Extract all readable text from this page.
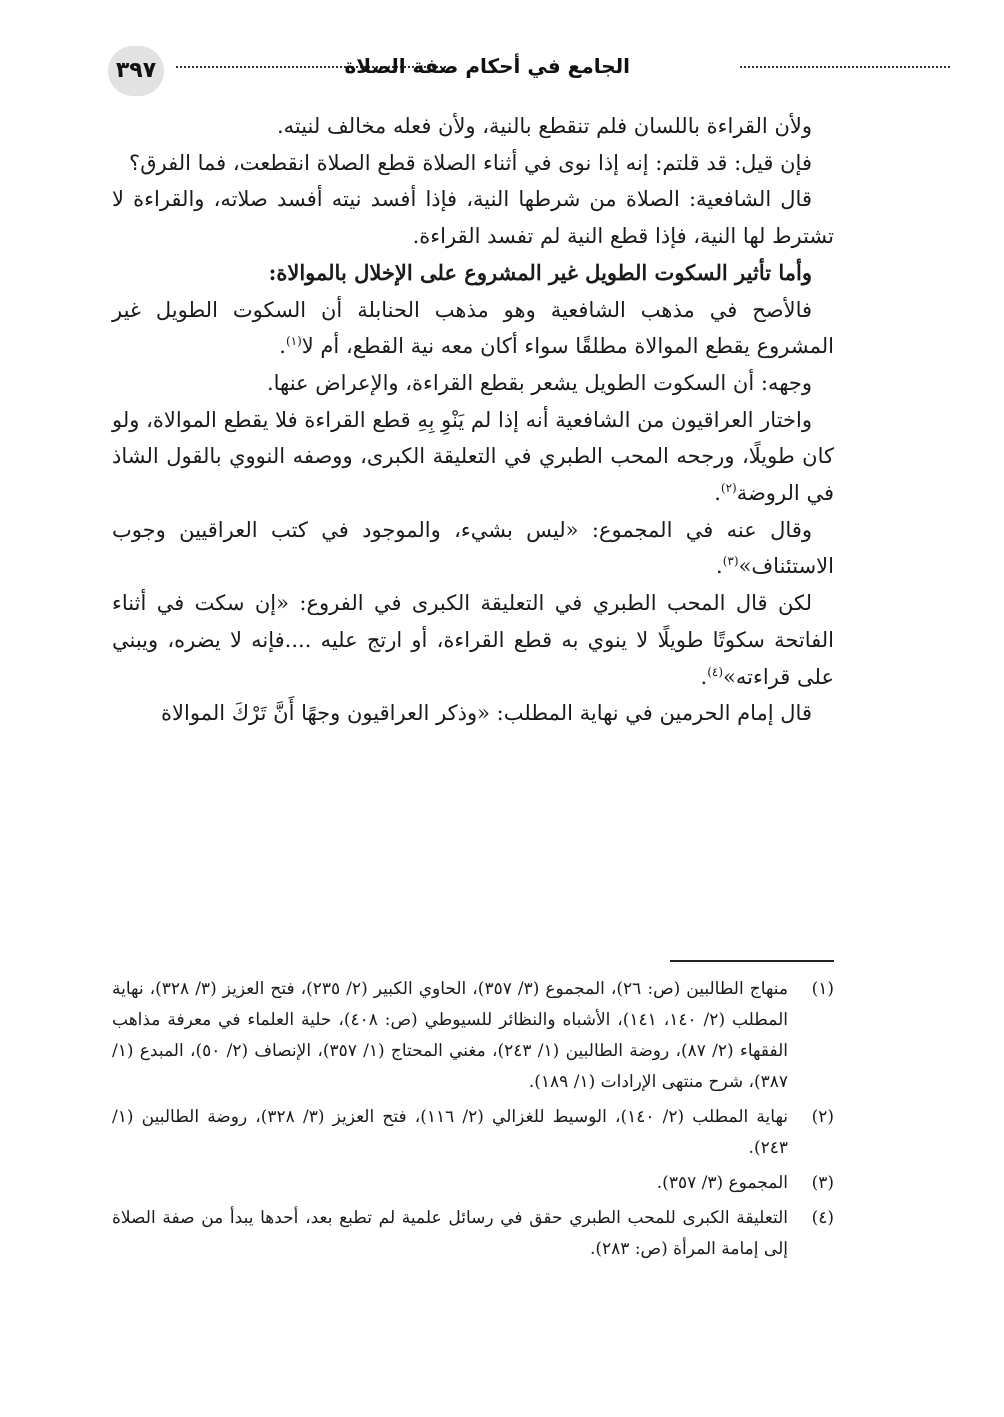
٣٩٧	الجامع في أحكام صفة الصلاة

ولأن القراءة باللسان فلم تنقطع بالنية، ولأن فعله مخالف لنيته.

فإن قيل: قد قلتم: إنه إذا نوى في أثناء الصلاة قطع الصلاة انقطعت، فما الفرق؟

قال الشافعية: الصلاة من شرطها النية، فإذا أفسد نيته أفسد صلاته، والقراءة لا تشترط لها النية، فإذا قطع النية لم تفسد القراءة.

وأما تأثير السكوت الطويل غير المشروع على الإخلال بالموالاة:

فالأصح في مذهب الشافعية وهو مذهب الحنابلة أن السكوت الطويل غير المشروع يقطع الموالاة مطلقًا سواء أكان معه نية القطع، أم لا$^{(١)}$.

وجهه: أن السكوت الطويل يشعر بقطع القراءة، والإعراض عنها.

واختار العراقيون من الشافعية أنه إذا لم يَنْوِ بِهِ قطع القراءة فلا يقطع الموالاة، ولو كان طويلًا، ورجحه المحب الطبري في التعليقة الكبرى، ووصفه النووي بالقول الشاذ في الروضة$^{(٢)}$.

وقال عنه في المجموع: «ليس بشيء، والموجود في كتب العراقيين وجوب الاستئناف»$^{(٣)}$.

لكن قال المحب الطبري في التعليقة الكبرى في الفروع: «إن سكت في أثناء الفاتحة سكوتًا طويلًا لا ينوي به قطع القراءة، أو ارتج عليه ....فإنه لا يضره، ويبني على قراءته»$^{(٤)}$.

قال إمام الحرمين في نهاية المطلب: «وذكر العراقيون وجهًا أَنَّ تَرْكَ الموالاة

(١)
منهاج الطالبين (ص: ٢٦)، المجموع (٣/ ٣٥٧)، الحاوي الكبير (٢/ ٢٣٥)، فتح العزيز (٣/ ٣٢٨)، نهاية المطلب (٢/ ١٤٠، ١٤١)، الأشباه والنظائر للسيوطي (ص: ٤٠٨)، حلية العلماء في معرفة مذاهب الفقهاء (٢/ ٨٧)، روضة الطالبين (١/ ٢٤٣)، مغني المحتاج (١/ ٣٥٧)، الإنصاف (٢/ ٥٠)، المبدع (١/ ٣٨٧)، شرح منتهى الإرادات (١/ ١٨٩).
(٢)
نهاية المطلب (٢/ ١٤٠)، الوسيط للغزالي (٢/ ١١٦)، فتح العزيز (٣/ ٣٢٨)، روضة الطالبين (١/ ٢٤٣).
(٣)
المجموع (٣/ ٣٥٧).
(٤)
التعليقة الكبرى للمحب الطبري حقق في رسائل علمية لم تطبع بعد، أحدها يبدأ من صفة الصلاة إلى إمامة المرأة (ص: ٢٨٣).
